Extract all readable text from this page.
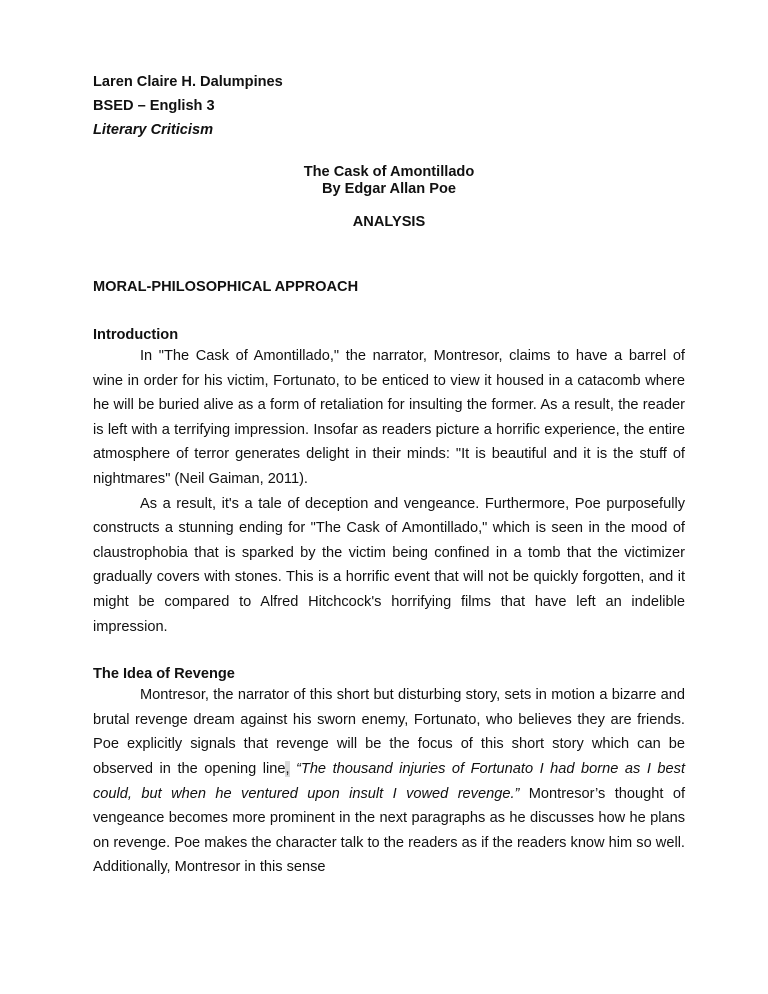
Laren Claire H. Dalumpines
BSED – English 3
Literary Criticism
The Cask of Amontillado
By Edgar Allan Poe
ANALYSIS
MORAL-PHILOSOPHICAL APPROACH
Introduction

In "The Cask of Amontillado," the narrator, Montresor, claims to have a barrel of wine in order for his victim, Fortunato, to be enticed to view it housed in a catacomb where he will be buried alive as a form of retaliation for insulting the former. As a result, the reader is left with a terrifying impression. Insofar as readers picture a horrific experience, the entire atmosphere of terror generates delight in their minds: "It is beautiful and it is the stuff of nightmares" (Neil Gaiman, 2011).

As a result, it's a tale of deception and vengeance. Furthermore, Poe purposefully constructs a stunning ending for "The Cask of Amontillado," which is seen in the mood of claustrophobia that is sparked by the victim being confined in a tomb that the victimizer gradually covers with stones. This is a horrific event that will not be quickly forgotten, and it might be compared to Alfred Hitchcock's horrifying films that have left an indelible impression.

The Idea of Revenge

Montresor, the narrator of this short but disturbing story, sets in motion a bizarre and brutal revenge dream against his sworn enemy, Fortunato, who believes they are friends. Poe explicitly signals that revenge will be the focus of this short story which can be observed in the opening line, “The thousand injuries of Fortunato I had borne as I best could, but when he ventured upon insult I vowed revenge.” Montresor’s thought of vengeance becomes more prominent in the next paragraphs as he discusses how he plans on revenge. Poe makes the character talk to the readers as if the readers know him so well. Additionally, Montresor in this sense
